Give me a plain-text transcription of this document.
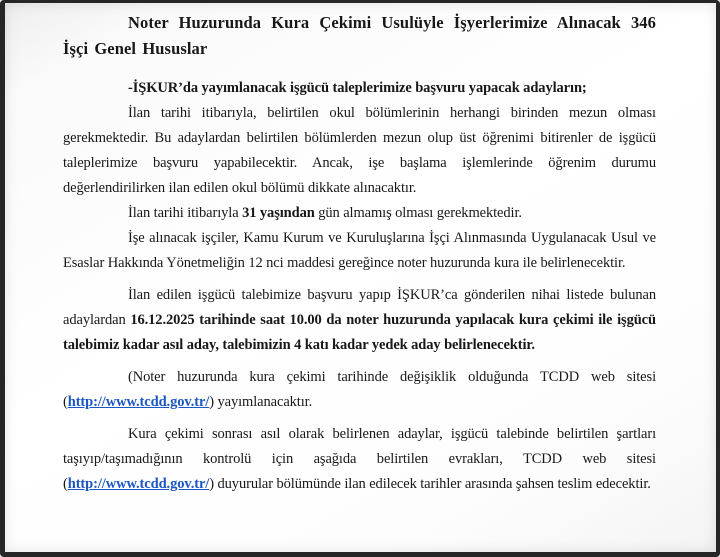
Noter Huzurunda Kura Çekimi Usulüyle İşyerlerimize Alınacak 346 İşçi Genel Hususlar

-İŞKUR’da yayımlanacak işgücü taleplerimize başvuru yapacak adayların;

İlan tarihi itibarıyla, belirtilen okul bölümlerinin herhangi birinden mezun olması gerekmektedir. Bu adaylardan belirtilen bölümlerden mezun olup üst öğrenimi bitirenler de işgücü taleplerimize başvuru yapabilecektir. Ancak, işe başlama işlemlerinde öğrenim durumu değerlendirilirken ilan edilen okul bölümü dikkate alınacaktır.

İlan tarihi itibarıyla 31 yaşından gün almamış olması gerekmektedir.

İşe alınacak işçiler, Kamu Kurum ve Kuruluşlarına İşçi Alınmasında Uygulanacak Usul ve Esaslar Hakkında Yönetmeliğin 12 nci maddesi gereğince noter huzurunda kura ile belirlenecektir.

İlan edilen işgücü talebimize başvuru yapıp İŞKUR’ca gönderilen nihai listede bulunan adaylardan 16.12.2025 tarihinde saat 10.00 da noter huzurunda yapılacak kura çekimi ile işgücü talebimiz kadar asıl aday, talebimizin 4 katı kadar yedek aday belirlenecektir.

(Noter huzurunda kura çekimi tarihinde değişiklik olduğunda TCDD web sitesi (http://www.tcdd.gov.tr/) yayımlanacaktır.

Kura çekimi sonrası asıl olarak belirlenen adaylar, işgücü talebinde belirtilen şartları taşıyıp/taşımadığının kontrolü için aşağıda belirtilen evrakları, TCDD web sitesi (http://www.tcdd.gov.tr/) duyurular bölümünde ilan edilecek tarihler arasında şahsen teslim edecektir.
